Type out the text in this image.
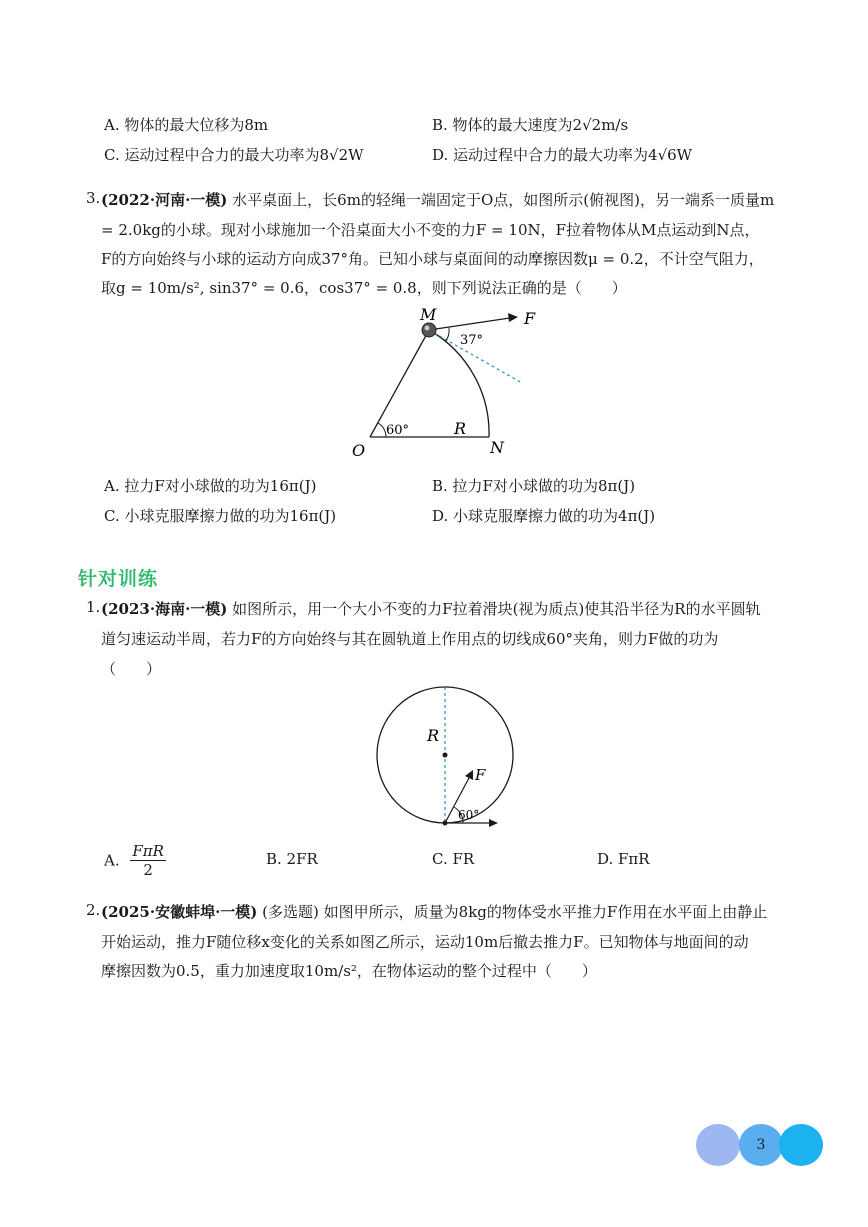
A. 物体的最大位移为8m	B. 物体的最大速度为2√2m/s
C. 运动过程中合力的最大功率为8√2W	D. 运动过程中合力的最大功率为4√6W
3. (2022·河南·一模) 水平桌面上，长6m的轻绳一端固定于O点，如图所示(俯视图)，另一端系一质量m
= 2.0kg的小球。现对小球施加一个沿桌面大小不变的力F = 10N，F拉着物体从M点运动到N点，
F的方向始终与小球的运动方向成37°角。已知小球与桌面间的动摩擦因数μ = 0.2，不计空气阻力，
取g = 10m/s², sin37° = 0.6，cos37° = 0.8，则下列说法正确的是（　　）
M	F
37°
O
60°	R
N
A. 拉力F对小球做的功为16π(J)	B. 拉力F对小球做的功为8π(J)
C. 小球克服摩擦力做的功为16π(J)	D. 小球克服摩擦力做的功为4π(J)
针对训练
1. (2023·海南·一模) 如图所示，用一个大小不变的力F拉着滑块(视为质点)使其沿半径为R的水平圆轨
道匀速运动半周，若力F的方向始终与其在圆轨道上作用点的切线成60°夹角，则力F做的功为
（　　）
R
F
60°
A. $\frac{\text{FπR}}{2}$	B. 2FR	C. FR	D. FπR
2. (2025·安徽蚌埠·一模) (多选题) 如图甲所示，质量为8kg的物体受水平推力F作用在水平面上由静止
开始运动，推力F随位移x变化的关系如图乙所示，运动10m后撤去推力F。已知物体与地面间的动
摩擦因数为0.5，重力加速度取10m/s²，在物体运动的整个过程中（　　）
3
